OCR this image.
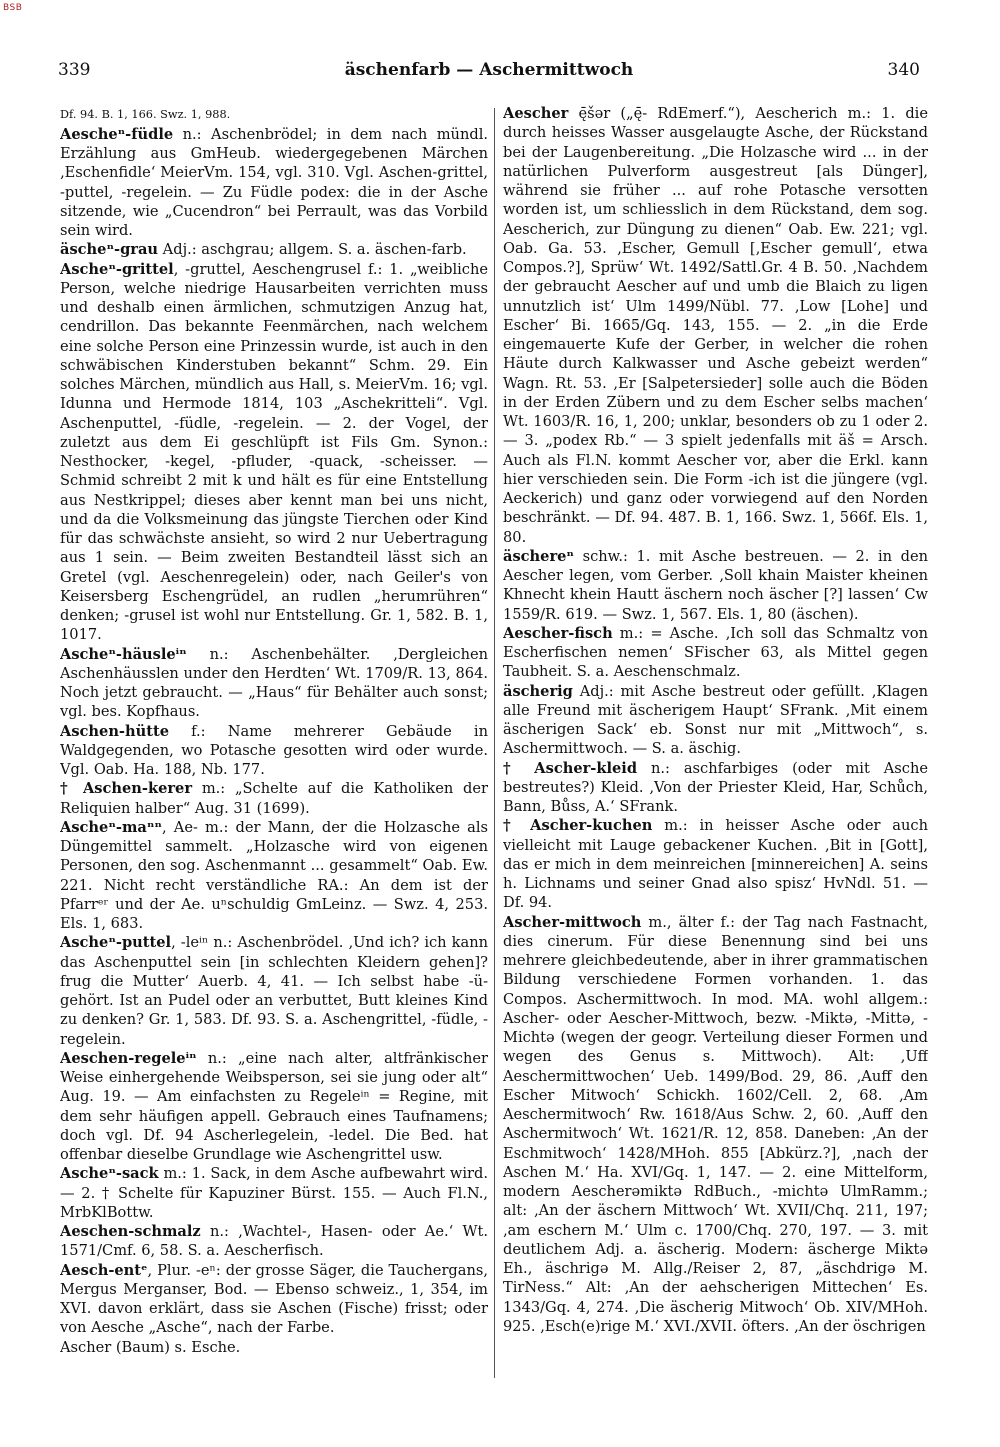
BSB
339	äschenfarb — Aschermittwoch	340

Df. 94. B. 1, 166. Swz. 1, 988.

Aescheⁿ-füdle n.: Aschenbrödel; in dem nach mündl. Erzählung aus GmHeub. wiedergegebenen Märchen ‚Eschenfidle‘ MeierVm. 154, vgl. 310. Vgl. Aschen-grittel, -puttel, -regelein. — Zu Füdle podex: die in der Asche sitzende, wie „Cucendron“ bei Perrault, was das Vorbild sein wird.

äscheⁿ-grau Adj.: aschgrau; allgem. S. a. äschen-farb.

Ascheⁿ-grittel, -gruttel, Aeschengrusel f.: 1. „weibliche Person, welche niedrige Hausarbeiten verrichten muss und deshalb einen ärmlichen, schmutzigen Anzug hat, cendrillon. Das bekannte Feenmärchen, nach welchem eine solche Person eine Prinzessin wurde, ist auch in den schwäbischen Kinderstuben bekannt“ Schm. 29. Ein solches Märchen, mündlich aus Hall, s. MeierVm. 16; vgl. Idunna und Hermode 1814, 103 „Aschekritteli“. Vgl. Aschenputtel, -füdle, -regelein. — 2. der Vogel, der zuletzt aus dem Ei geschlüpft ist Fils Gm. Synon.: Nesthocker, -kegel, -pfluder, -quack, -scheisser. — Schmid schreibt 2 mit k und hält es für eine Entstellung aus Nestkrippel; dieses aber kennt man bei uns nicht, und da die Volksmeinung das jüngste Tierchen oder Kind für das schwächste ansieht, so wird 2 nur Uebertragung aus 1 sein. — Beim zweiten Bestandteil lässt sich an Gretel (vgl. Aeschenregelein) oder, nach Geiler's von Keisersberg Eschengrüdel, an rudlen „herumrühren“ denken; -grusel ist wohl nur Entstellung. Gr. 1, 582. B. 1, 1017.

Ascheⁿ-häusleⁱⁿ n.: Aschenbehälter. ‚Dergleichen Aschenhäusslen under den Herdten‘ Wt. 1709/R. 13, 864. Noch jetzt gebraucht. — „Haus“ für Behälter auch sonst; vgl. bes. Kopfhaus.

Aschen-hütte f.: Name mehrerer Gebäude in Waldgegenden, wo Potasche gesotten wird oder wurde. Vgl. Oab. Ha. 188, Nb. 177.

† Aschen-kerer m.: „Schelte auf die Katholiken der Reliquien halber“ Aug. 31 (1699).

Ascheⁿ-maⁿⁿ, Ae- m.: der Mann, der die Holzasche als Düngemittel sammelt. „Holzasche wird von eigenen Personen, den sog. Aschenmannt ... gesammelt“ Oab. Ew. 221. Nicht recht verständliche RA.: An dem ist der Pfarrᵉʳ und der Ae. uⁿschuldig GmLeinz. — Swz. 4, 253. Els. 1, 683.

Ascheⁿ-puttel, -leⁱⁿ n.: Aschenbrödel. ‚Und ich? ich kann das Aschenputtel sein [in schlechten Kleidern gehen]? frug die Mutter‘ Auerb. 4, 41. — Ich selbst habe -ü- gehört. Ist an Pudel oder an verbuttet, Butt kleines Kind zu denken? Gr. 1, 583. Df. 93. S. a. Aschengrittel, -füdle, -regelein.

Aeschen-regeleⁱⁿ n.: „eine nach alter, altfränkischer Weise einhergehende Weibsperson, sei sie jung oder alt“ Aug. 19. — Am einfachsten zu Regeleⁱⁿ = Regine, mit dem sehr häufigen appell. Gebrauch eines Taufnamens; doch vgl. Df. 94 Ascherlegelein, -ledel. Die Bed. hat offenbar dieselbe Grundlage wie Aschengrittel usw.

Ascheⁿ-sack m.: 1. Sack, in dem Asche aufbewahrt wird. — 2. † Schelte für Kapuziner Bürst. 155. — Auch Fl.N., MrbKlBottw.

Aeschen-schmalz n.: ‚Wachtel-, Hasen- oder Ae.‘ Wt. 1571/Cmf. 6, 58. S. a. Aescherfisch.

Aesch-entᵉ, Plur. -eⁿ: der grosse Säger, die Tauchergans, Mergus Merganser, Bod. — Ebenso schweiz., 1, 354, im XVI. davon erklärt, dass sie Aschen (Fische) frisst; oder von Aesche „Asche“, nach der Farbe.

Ascher (Baum) s. Esche.

Aescher ę̄šər („ę̄- RdEmerf.“), Aescherich m.: 1. die durch heisses Wasser ausgelaugte Asche, der Rückstand bei der Laugenbereitung. „Die Holzasche wird ... in der natürlichen Pulverform ausgestreut [als Dünger], während sie früher ... auf rohe Potasche versotten worden ist, um schliesslich in dem Rückstand, dem sog. Aescherich, zur Düngung zu dienen“ Oab. Ew. 221; vgl. Oab. Ga. 53. ‚Escher, Gemull [‚Escher gemull‘, etwa Compos.?], Sprüw‘ Wt. 1492/Sattl.Gr. 4 B. 50. ‚Nachdem der gebraucht Aescher auf und umb die Blaich zu ligen unnutzlich ist‘ Ulm 1499/Nübl. 77. ‚Low [Lohe] und Escher‘ Bi. 1665/Gq. 143, 155. — 2. „in die Erde eingemauerte Kufe der Gerber, in welcher die rohen Häute durch Kalkwasser und Asche gebeizt werden“ Wagn. Rt. 53. ‚Er [Salpetersieder] solle auch die Böden in der Erden Zübern und zu dem Escher selbs machen‘ Wt. 1603/R. 16, 1, 200; unklar, besonders ob zu 1 oder 2. — 3. „podex Rb.“ — 3 spielt jedenfalls mit äš = Arsch. Auch als Fl.N. kommt Aescher vor, aber die Erkl. kann hier verschieden sein. Die Form -ich ist die jüngere (vgl. Aeckerich) und ganz oder vorwiegend auf den Norden beschränkt. — Df. 94. 487. B. 1, 166. Swz. 1, 566f. Els. 1, 80.

äschereⁿ schw.: 1. mit Asche bestreuen. — 2. in den Aescher legen, vom Gerber. ‚Soll khain Maister kheinen Khnecht khein Hautt äschern noch äscher [?] lassen‘ Cw 1559/R. 619. — Swz. 1, 567. Els. 1, 80 (äschen).

Aescher-fisch m.: = Asche. ‚Ich soll das Schmaltz von Escherfischen nemen‘ SFischer 63, als Mittel gegen Taubheit. S. a. Aeschenschmalz.

äscherig Adj.: mit Asche bestreut oder gefüllt. ‚Klagen alle Freund mit äscherigem Haupt‘ SFrank. ‚Mit einem äscherigen Sack‘ eb. Sonst nur mit „Mittwoch“, s. Aschermittwoch. — S. a. äschig.

† Ascher-kleid n.: aschfarbiges (oder mit Asche bestreutes?) Kleid. ‚Von der Priester Kleid, Har, Schůch, Bann, Bůss, A.‘ SFrank.

† Ascher-kuchen m.: in heisser Asche oder auch vielleicht mit Lauge gebackener Kuchen. ‚Bit in [Gott], das er mich in dem meinreichen [minnereichen] A. seins h. Lichnams und seiner Gnad also spisz‘ HvNdl. 51. — Df. 94.

Ascher-mittwoch m., älter f.: der Tag nach Fastnacht, dies cinerum. Für diese Benennung sind bei uns mehrere gleichbedeutende, aber in ihrer grammatischen Bildung verschiedene Formen vorhanden. 1. das Compos. Aschermittwoch. In mod. MA. wohl allgem.: Ascher- oder Aescher-Mittwoch, bezw. -Miktə, -Mittə, -Michtə (wegen der geogr. Verteilung dieser Formen und wegen des Genus s. Mittwoch). Alt: ‚Uff Aeschermittwochen‘ Ueb. 1499/Bod. 29, 86. ‚Auff den Escher Mitwoch‘ Schickh. 1602/Cell. 2, 68. ‚Am Aeschermitwoch‘ Rw. 1618/Aus Schw. 2, 60. ‚Auff den Aschermitwoch‘ Wt. 1621/R. 12, 858. Daneben: ‚An der Eschmitwoch‘ 1428/MHoh. 855 [Abkürz.?], ‚nach der Aschen M.‘ Ha. XVI/Gq. 1, 147. — 2. eine Mittelform, modern Aescherəmiktə RdBuch., -michtə UlmRamm.; alt: ‚An der äschern Mittwoch‘ Wt. XVII/Chq. 211, 197; ‚am eschern M.‘ Ulm c. 1700/Chq. 270, 197. — 3. mit deutlichem Adj. a. äscherig. Modern: äscherge Miktə Eh., äschrigə M. Allg./Reiser 2, 87, „äschdrigə M. TirNess.“ Alt: ‚An der aehscherigen Mittechen‘ Es. 1343/Gq. 4, 274. ‚Die äscherig Mitwoch‘ Ob. XIV/MHoh. 925. ‚Esch(e)rige M.‘ XVI./XVII. öfters. ‚An der öschrigen
